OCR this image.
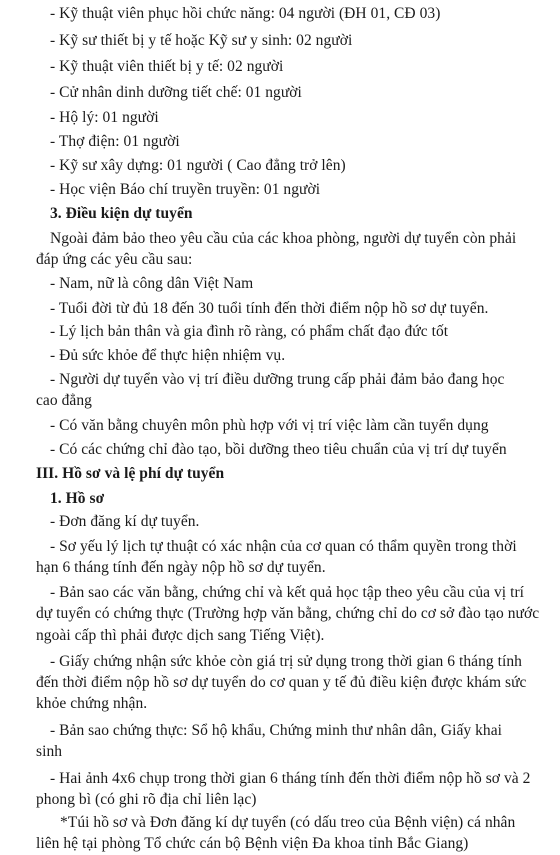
- Kỹ thuật viên phục hồi chức năng: 04 người (ĐH 01, CĐ 03)
- Kỹ sư thiết bị y tế hoặc Kỹ sư y sinh: 02 người
- Kỹ thuật viên thiết bị y tế: 02 người
- Cử nhân dinh dưỡng tiết chế: 01 người
- Hộ lý: 01 người
- Thợ điện: 01 người
- Kỹ sư xây dựng: 01 người ( Cao đẳng trở lên)
- Học viện Báo chí truyền truyền: 01 người
3. Điều kiện dự tuyển
Ngoài đảm bảo theo yêu cầu của các khoa phòng, người dự tuyển còn phải
đáp ứng các yêu cầu sau:
- Nam, nữ là công dân Việt Nam
- Tuổi đời từ đủ 18 đến 30 tuổi tính đến thời điểm nộp hồ sơ dự tuyển.
- Lý lịch bản thân và gia đình rõ ràng, có phẩm chất đạo đức tốt
- Đủ sức khỏe để thực hiện nhiệm vụ.
- Người dự tuyển vào vị trí điều dưỡng trung cấp phải đảm bảo đang học
cao đẳng
- Có văn bằng chuyên môn phù hợp với vị trí việc làm cần tuyển dụng
- Có các chứng chỉ đào tạo, bồi dưỡng theo tiêu chuẩn của vị trí dự tuyển
III. Hồ sơ và lệ phí dự tuyển
1. Hồ sơ
- Đơn đăng kí dự tuyển.
- Sơ yếu lý lịch tự thuật có xác nhận của cơ quan có thẩm quyền trong thời
hạn 6 tháng tính đến ngày nộp hồ sơ dự tuyển.
- Bản sao các văn bằng, chứng chỉ và kết quả học tập theo yêu cầu của vị trí
dự tuyển có chứng thực (Trường hợp văn bằng, chứng chỉ do cơ sở đào tạo nước
ngoài cấp thì phải được dịch sang Tiếng Việt).
- Giấy chứng nhận sức khỏe còn giá trị sử dụng trong thời gian 6 tháng tính
đến thời điểm nộp hồ sơ dự tuyển do cơ quan y tế đủ điều kiện được khám sức
khỏe chứng nhận.
- Bản sao chứng thực: Sổ hộ khẩu, Chứng minh thư nhân dân, Giấy khai
sinh
- Hai ảnh 4x6 chụp trong thời gian 6 tháng tính đến thời điểm nộp hồ sơ và 2
phong bì (có ghi rõ địa chỉ liên lạc)
*Túi hồ sơ và Đơn đăng kí dự tuyển (có dấu treo của Bệnh viện) cá nhân
liên hệ tại phòng Tổ chức cán bộ Bệnh viện Đa khoa tỉnh Bắc Giang)
